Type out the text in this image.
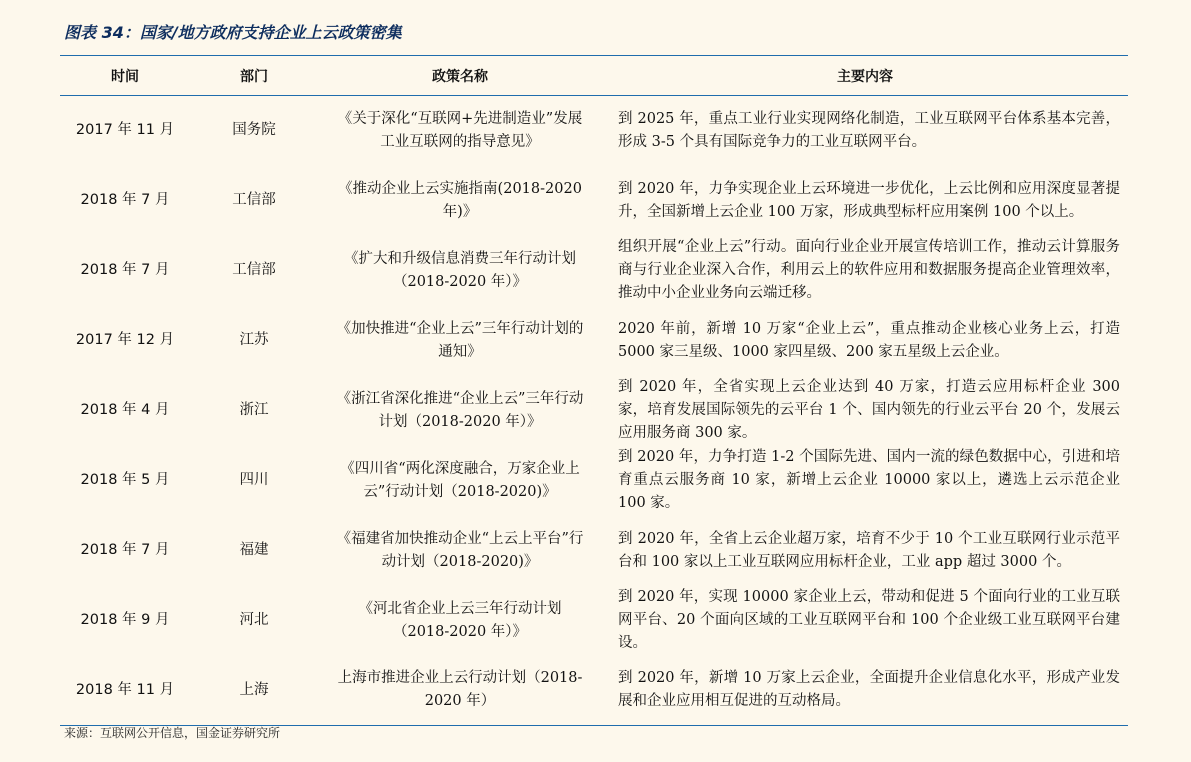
图表 34：国家/地方政府支持企业上云政策密集
时间	部门	政策名称	主要内容
2017 年 11 月	国务院	《关于深化“互联网+先进制造业”发展工业互联网的指导意见》	到 2025 年，重点工业行业实现网络化制造，工业互联网平台体系基本完善，形成 3-5 个具有国际竞争力的工业互联网平台。
2018 年 7 月	工信部	《推动企业上云实施指南(2018-2020 年)》	到 2020 年，力争实现企业上云环境进一步优化，上云比例和应用深度显著提升，全国新增上云企业 100 万家，形成典型标杆应用案例 100 个以上。
2018 年 7 月	工信部	《扩大和升级信息消费三年行动计划（2018-2020 年）》	组织开展“企业上云”行动。面向行业企业开展宣传培训工作，推动云计算服务商与行业企业深入合作，利用云上的软件应用和数据服务提高企业管理效率，推动中小企业业务向云端迁移。
2017 年 12 月	江苏	《加快推进“企业上云”三年行动计划的通知》	2020 年前，新增 10 万家“企业上云”，重点推动企业核心业务上云，打造 5000 家三星级、1000 家四星级、200 家五星级上云企业。
2018 年 4 月	浙江	《浙江省深化推进“企业上云”三年行动计划（2018-2020 年）》	到 2020 年，全省实现上云企业达到 40 万家，打造云应用标杆企业 300 家，培育发展国际领先的云平台 1 个、国内领先的行业云平台 20 个，发展云应用服务商 300 家。
2018 年 5 月	四川	《四川省“两化深度融合，万家企业上云”行动计划（2018-2020)》	到 2020 年，力争打造 1-2 个国际先进、国内一流的绿色数据中心，引进和培育重点云服务商 10 家，新增上云企业 10000 家以上，遴选上云示范企业 100 家。
2018 年 7 月	福建	《福建省加快推动企业“上云上平台”行动计划（2018-2020)》	到 2020 年，全省上云企业超万家，培育不少于 10 个工业互联网行业示范平台和 100 家以上工业互联网应用标杆企业，工业 app 超过 3000 个。
2018 年 9 月	河北	《河北省企业上云三年行动计划（2018-2020 年）》	到 2020 年，实现 10000 家企业上云，带动和促进 5 个面向行业的工业互联网平台、20 个面向区域的工业互联网平台和 100 个企业级工业互联网平台建设。
2018 年 11 月	上海	上海市推进企业上云行动计划（2018-2020 年）	到 2020 年，新增 10 万家上云企业，全面提升企业信息化水平，形成产业发展和企业应用相互促进的互动格局。
来源：互联网公开信息，国金证券研究所
